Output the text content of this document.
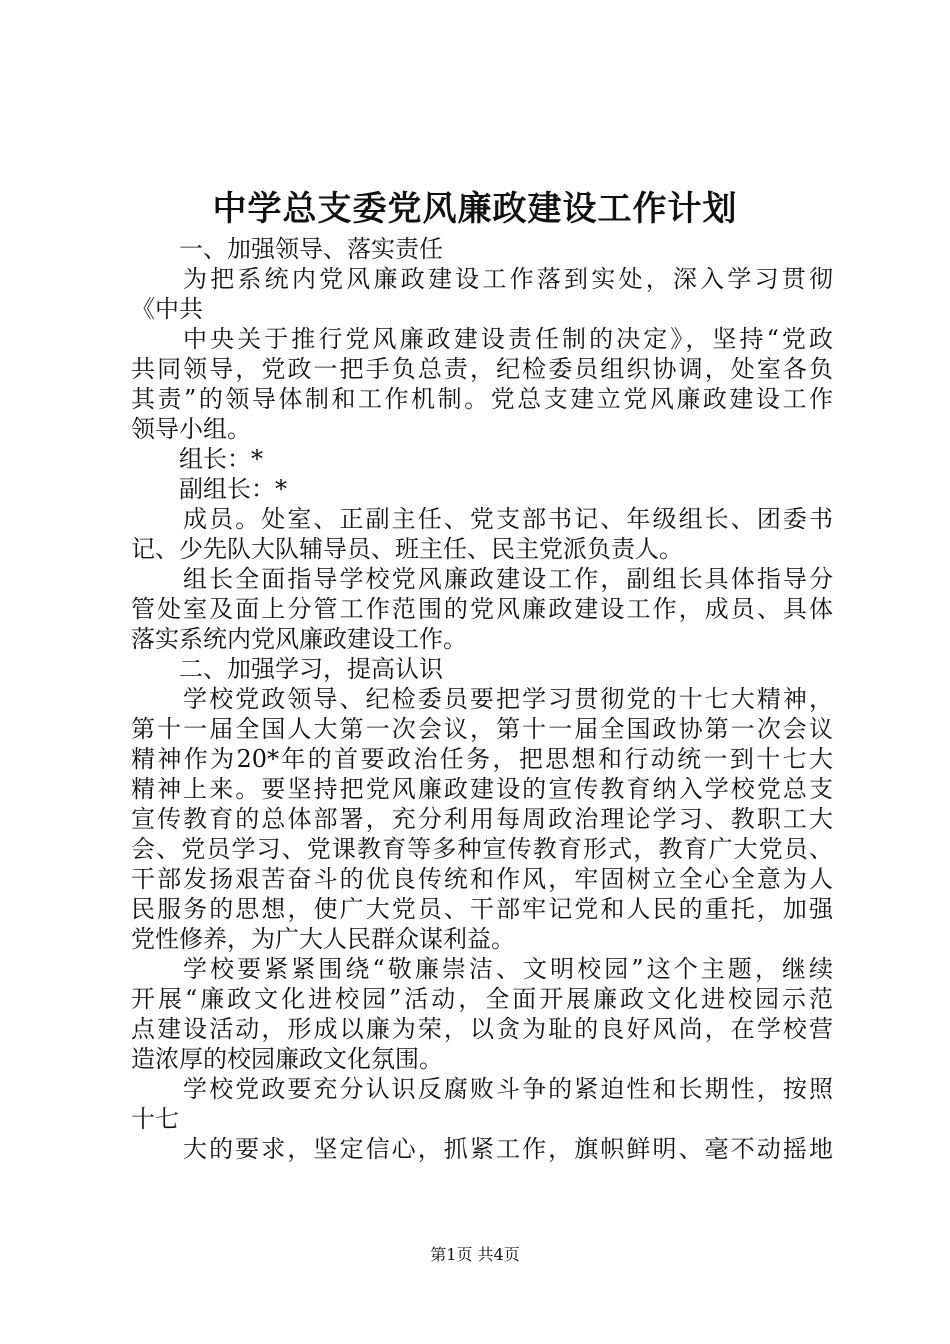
中学总支委党风廉政建设工作计划
一、加强领导、落实责任
为把系统内党风廉政建设工作落到实处，深入学习贯彻
《中共
中央关于推行党风廉政建设责任制的决定》，坚持“党政
共同领导，党政一把手负总责，纪检委员组织协调，处室各负
其责”的领导体制和工作机制。党总支建立党风廉政建设工作
领导小组。
组长：*
副组长：*
成员。处室、正副主任、党支部书记、年级组长、团委书
记、少先队大队辅导员、班主任、民主党派负责人。
组长全面指导学校党风廉政建设工作，副组长具体指导分
管处室及面上分管工作范围的党风廉政建设工作，成员、具体
落实系统内党风廉政建设工作。
二、加强学习，提高认识
学校党政领导、纪检委员要把学习贯彻党的十七大精神，
第十一届全国人大第一次会议，第十一届全国政协第一次会议
精神作为20*年的首要政治任务，把思想和行动统一到十七大
精神上来。要坚持把党风廉政建设的宣传教育纳入学校党总支
宣传教育的总体部署，充分利用每周政治理论学习、教职工大
会、党员学习、党课教育等多种宣传教育形式，教育广大党员、
干部发扬艰苦奋斗的优良传统和作风，牢固树立全心全意为人
民服务的思想，使广大党员、干部牢记党和人民的重托，加强
党性修养，为广大人民群众谋利益。
学校要紧紧围绕“敬廉崇洁、文明校园”这个主题，继续
开展“廉政文化进校园”活动，全面开展廉政文化进校园示范
点建设活动，形成以廉为荣，以贪为耻的良好风尚，在学校营
造浓厚的校园廉政文化氛围。
学校党政要充分认识反腐败斗争的紧迫性和长期性，按照
十七
大的要求，坚定信心，抓紧工作，旗帜鲜明、毫不动摇地
第1页 共4页
